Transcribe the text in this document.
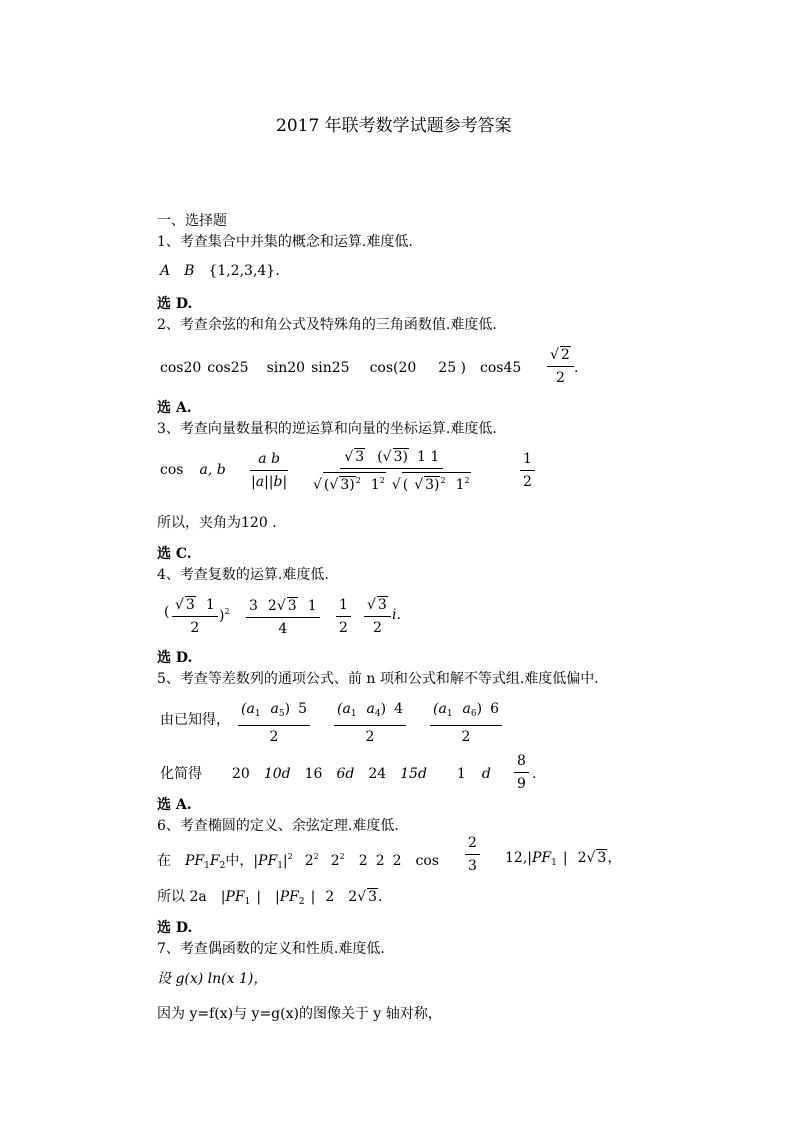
2017 年联考数学试题参考答案
一、选择题
1、考查集合中并集的概念和运算.难度低.
A B {1,2,3,4}.
选 D.
2、考查余弦的和角公式及特殊角的三角函数值.难度低.
cos20 cos25 sin20 sin25 cos(20 25 ) $\cos 45 \frac{√ 2}{2}$ .
选 A.
3、考查向量数量积的逆运算和向量的坐标运算.难度低.
cos a, b $\frac{\text{a b}}{|a||b|} \frac{√ 3 (√ 3) 1 1}{√ (√ 3)^2 1^2 √ ( √ 3)^2 1^2}$	$\frac{1}{2}$
所以，夹角为120 .
选 C.
4、考查复数的运算.难度低.
( $\frac{√ 3 1}{2} )^2 \frac{3 2√ 3 1}{4} \frac{1}{2} \frac{√ 3}{2} i$.
选 D.
5、考查等差数列的通项公式、前 n 项和公式和解不等式组.难度低偏中.
由已知得， $\frac{(a_1 a_5) 5}{2} \frac{(a_1 a_4) 4}{2} \frac{(a_1 a_6) 6}{2}$
化简得 20 10d 16 6d 24 15d 1 d $\frac{8}{9}$ .
选 A.
6、考查椭圆的定义、余弦定理.难度低.
在 $PF_1F_2$中，$|PF_1|^2$ $2^2$ $2^2$ 2 2 2 $\cos \frac{2}{3} 12,|PF_1$ | 2√ 3，
所以 2a $|PF_1$ | $|PF_2$ | 2 2√ 3.
选 D.
7、考查偶函数的定义和性质.难度低.
设 g(x) ln(x 1)，
因为 y=f(x)与 y=g(x)的图像关于 y 轴对称，
